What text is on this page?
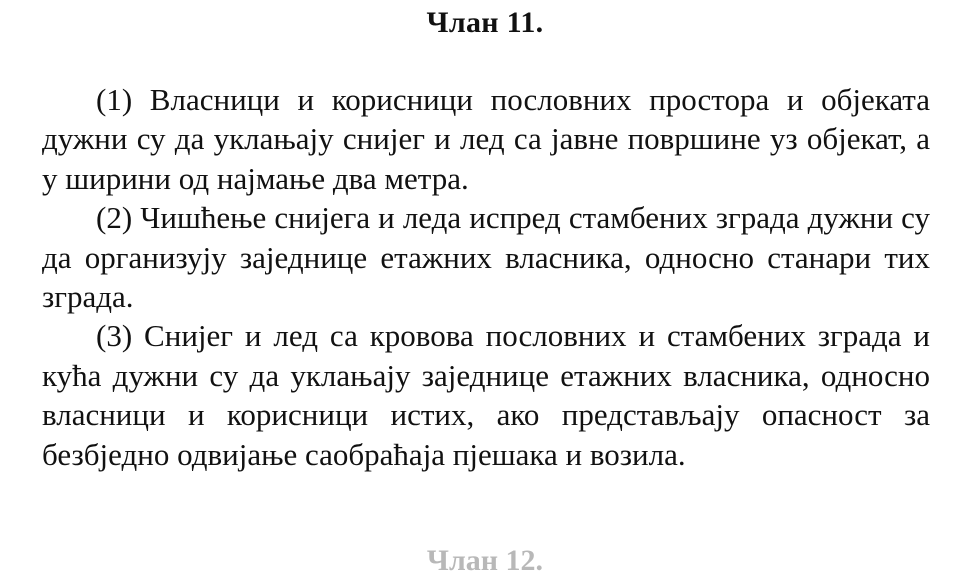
Члан 11.

(1) Власници и корисници пословних простора и објеката дужни су да уклањају снијег и лед са јавне површине уз објекат, а у ширини од најмање два метра.

(2) Чишћење снијега и леда испред стамбених зграда дужни су да организују заједнице етажних власника, односно станари тих зграда.

(3) Снијег и лед са кровова пословних и стамбених зграда и кућа дужни су да уклањају заједнице етажних власника, односно власници и корисници истих, ако представљају опасност за безбједно одвијање саобраћаја пјешака и возила.

Члан 12.
